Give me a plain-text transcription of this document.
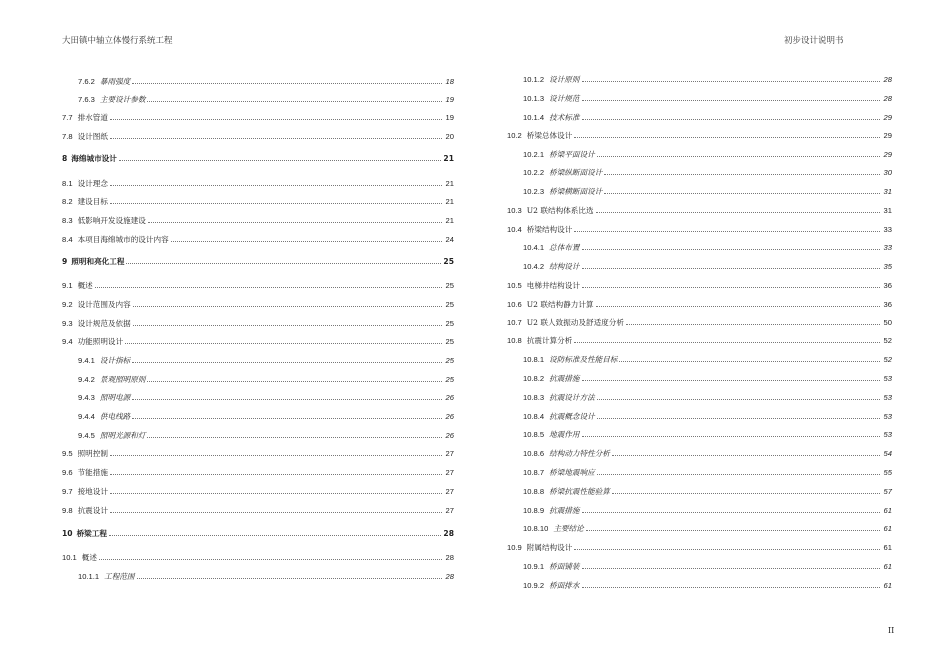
大田镇中轴立体慢行系统工程	初步设计说明书
7.6.2 暴雨强度	18
7.6.3 主要设计参数	19
7.7 排水管道	19
7.8 设计图纸	20
8 海绵城市设计	21
8.1 设计理念	21
8.2 建设目标	21
8.3 低影响开发设施建设	21
8.4 本项目海绵城市的设计内容	24
9 照明和亮化工程	25
9.1 概述	25
9.2 设计范围及内容	25
9.3 设计规范及依据	25
9.4 功能照明设计	25
9.4.1 设计指标	25
9.4.2 景观照明原则	25
9.4.3 照明电源	26
9.4.4 供电线路	26
9.4.5 照明光源和灯	26
9.5 照明控制	27
9.6 节能措施	27
9.7 接地设计	27
9.8 抗震设计	27
10 桥梁工程	28
10.1 概述	28
10.1.1 工程范围	28
10.1.2 设计原则	28
10.1.3 设计规范	28
10.1.4 技术标准	29
10.2 桥梁总体设计	29
10.2.1 桥梁平面设计	29
10.2.2 桥梁纵断面设计	30
10.2.3 桥梁横断面设计	31
10.3 U2 联结构体系比选	31
10.4 桥梁结构设计	33
10.4.1 总体布置	33
10.4.2 结构设计	35
10.5 电梯井结构设计	36
10.6 U2 联结构静力计算	36
10.7 U2 联人致振动及舒适度分析	50
10.8 抗震计算分析	52
10.8.1 设防标准及性能目标	52
10.8.2 抗震措施	53
10.8.3 抗震设计方法	53
10.8.4 抗震概念设计	53
10.8.5 地震作用	53
10.8.6 结构动力特性分析	54
10.8.7 桥梁地震响应	55
10.8.8 桥梁抗震性能验算	57
10.8.9 抗震措施	61
10.8.10 主要结论	61
10.9 附属结构设计	61
10.9.1 桥面铺装	61
10.9.2 桥面排水	61
II
